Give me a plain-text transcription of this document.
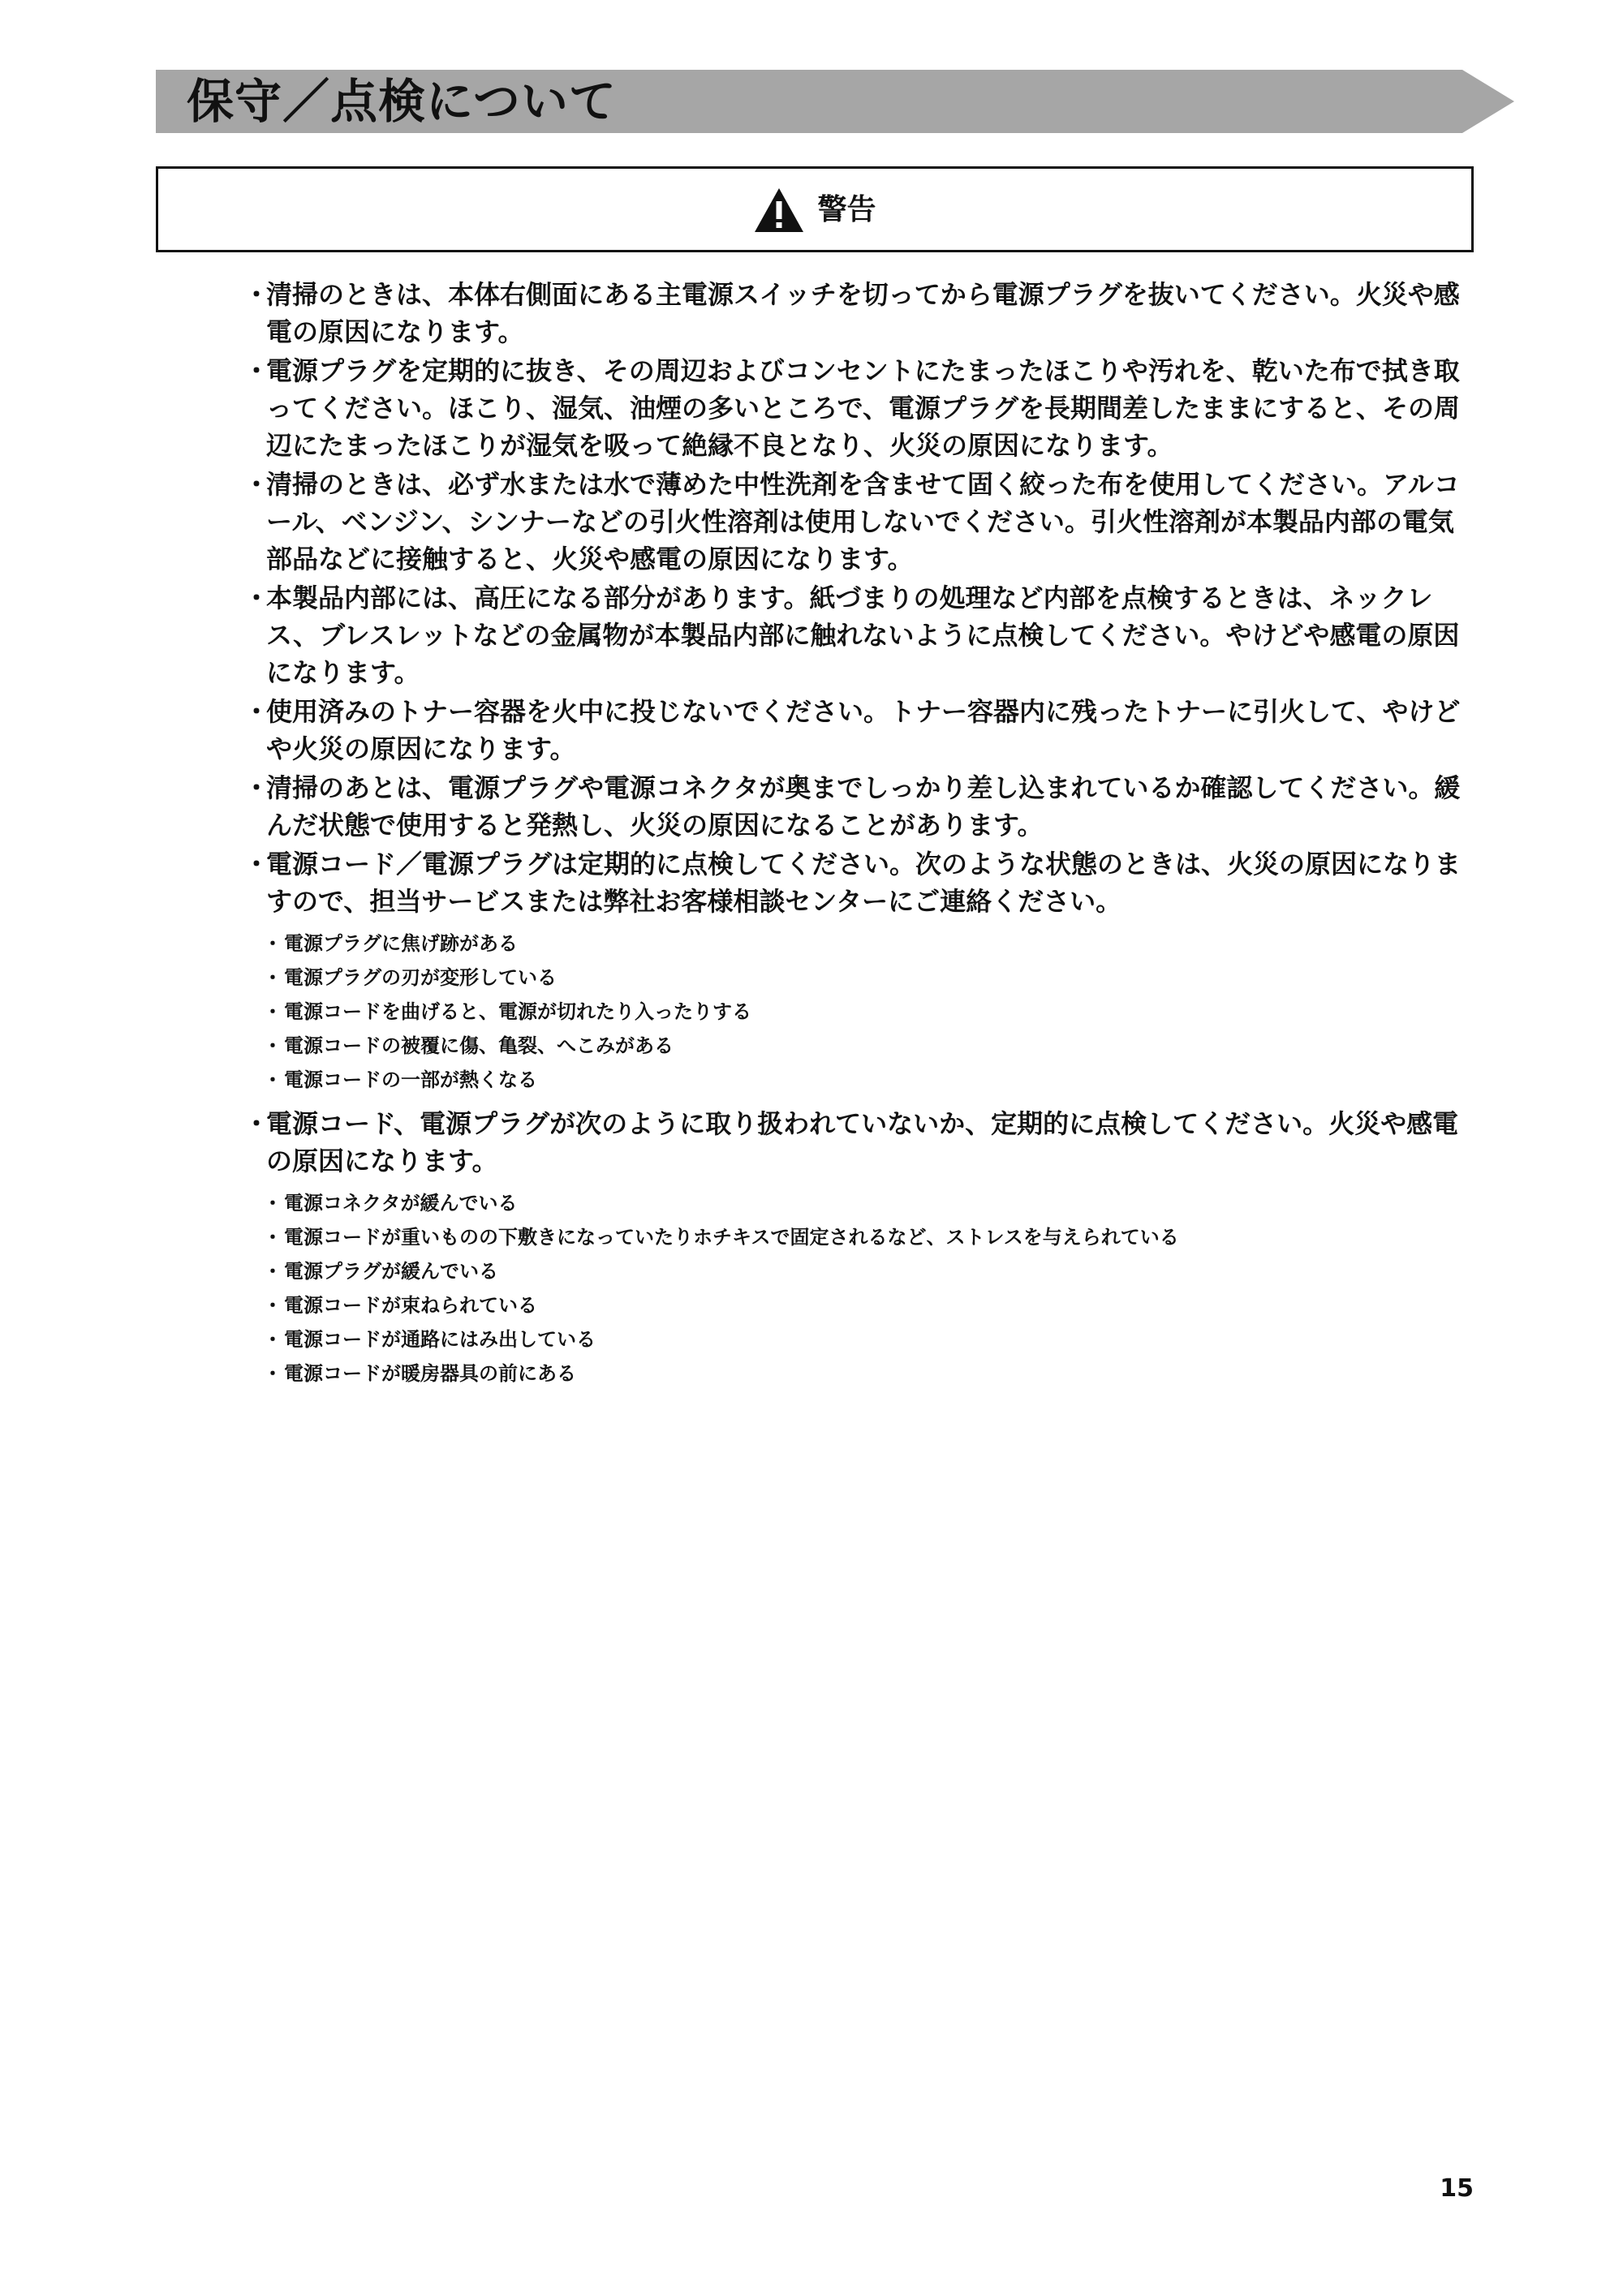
保守／点検について
警告
・
清掃のときは、本体右側面にある主電源スイッチを切ってから電源プラグを抜いてください。火災や感電の原因になります。
・
電源プラグを定期的に抜き、その周辺およびコンセントにたまったほこりや汚れを、乾いた布で拭き取ってください。ほこり、湿気、油煙の多いところで、電源プラグを長期間差したままにすると、その周辺にたまったほこりが湿気を吸って絶縁不良となり、火災の原因になります。
・
清掃のときは、必ず水または水で薄めた中性洗剤を含ませて固く絞った布を使用してください。アルコール、ベンジン、シンナーなどの引火性溶剤は使用しないでください。引火性溶剤が本製品内部の電気部品などに接触すると、火災や感電の原因になります。
・
本製品内部には、高圧になる部分があります。紙づまりの処理など内部を点検するときは、ネックレス、ブレスレットなどの金属物が本製品内部に触れないように点検してください。やけどや感電の原因になります。
・
使用済みのトナー容器を火中に投じないでください。トナー容器内に残ったトナーに引火して、やけどや火災の原因になります。
・
清掃のあとは、電源プラグや電源コネクタが奥までしっかり差し込まれているか確認してください。緩んだ状態で使用すると発熱し、火災の原因になることがあります。
・
電源コード／電源プラグは定期的に点検してください。次のような状態のときは、火災の原因になりますので、担当サービスまたは弊社お客様相談センターにご連絡ください。
・ 電源プラグに焦げ跡がある
・ 電源プラグの刃が変形している
・ 電源コードを曲げると、電源が切れたり入ったりする
・ 電源コードの被覆に傷、亀裂、へこみがある
・ 電源コードの一部が熱くなる
・
電源コード、電源プラグが次のように取り扱われていないか、定期的に点検してください。火災や感電の原因になります。
・ 電源コネクタが緩んでいる
・ 電源コードが重いものの下敷きになっていたりホチキスで固定されるなど、ストレスを与えられている
・ 電源プラグが緩んでいる
・ 電源コードが束ねられている
・ 電源コードが通路にはみ出している
・ 電源コードが暖房器具の前にある
15
